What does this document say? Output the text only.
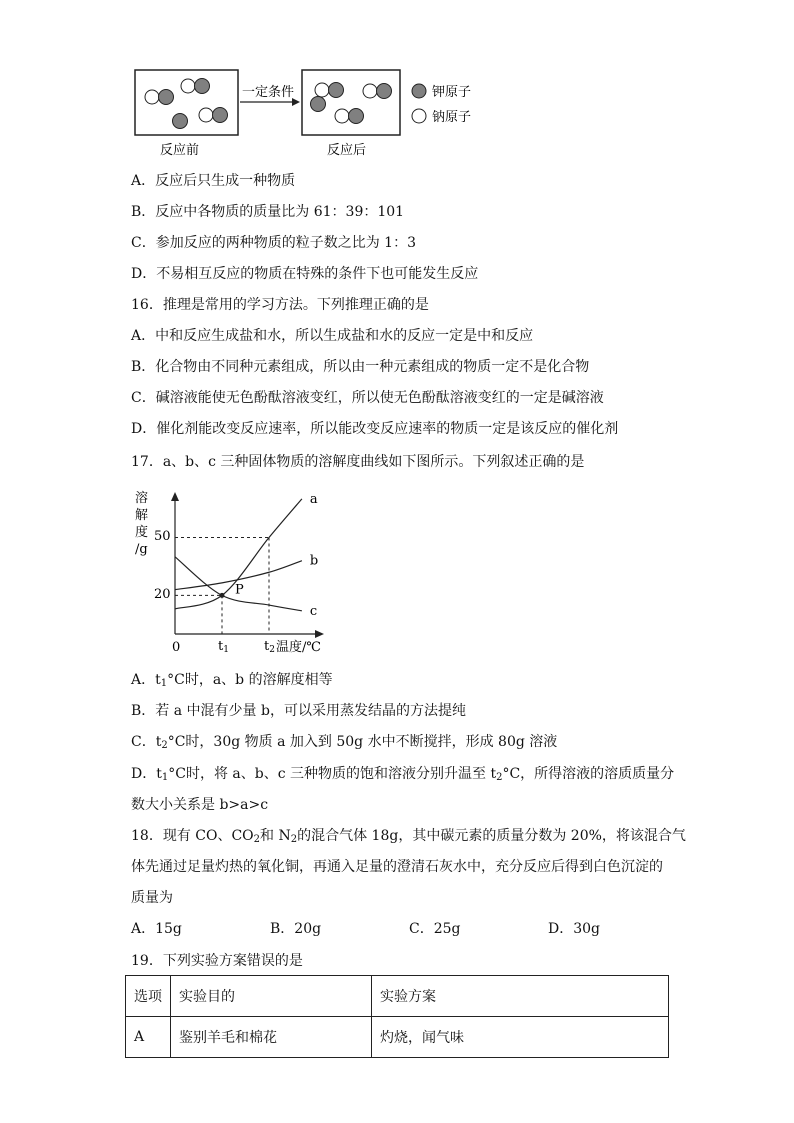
一定条件	钾原子
钠原子
反应前	反应后
A．反应后只生成一种物质
B．反应中各物质的质量比为 61：39：101
C．参加反应的两种物质的粒子数之比为 1：3
D．不易相互反应的物质在特殊的条件下也可能发生反应
16．推理是常用的学习方法。下列推理正确的是
A．中和反应生成盐和水，所以生成盐和水的反应一定是中和反应
B．化合物由不同种元素组成，所以由一种元素组成的物质一定不是化合物
C．碱溶液能使无色酚酞溶液变红，所以使无色酚酞溶液变红的一定是碱溶液
D．催化剂能改变反应速率，所以能改变反应速率的物质一定是该反应的催化剂
17．a、b、c 三种固体物质的溶解度曲线如下图所示。下列叙述正确的是
溶
解
度
/g
0
20
50
t1	t2 温度/℃
a
b
c
P
A．$t_1^\circ C$时，a、b 的溶解度相等
B．若 a 中混有少量 b，可以采用蒸发结晶的方法提纯
C．$t_2^\circ C$时，30g 物质 a 加入到 50g 水中不断搅拌，形成 80g 溶液
D．$t_1^\circ C$时，将 a、b、c 三种物质的饱和溶液分别升温至 $t_2^\circ C$，所得溶液的溶质质量分
数大小关系是 b>a>c
18．现有 CO、$CO_2$和 $N_2$的混合气体 18g，其中碳元素的质量分数为 20%，将该混合气
体先通过足量灼热的氧化铜，再通入足量的澄清石灰水中，充分反应后得到白色沉淀的
质量为
A．15g	B．20g	C．25g	D．30g
19．下列实验方案错误的是
选项	实验目的	实验方案
A	鉴别羊毛和棉花	灼烧，闻气味
